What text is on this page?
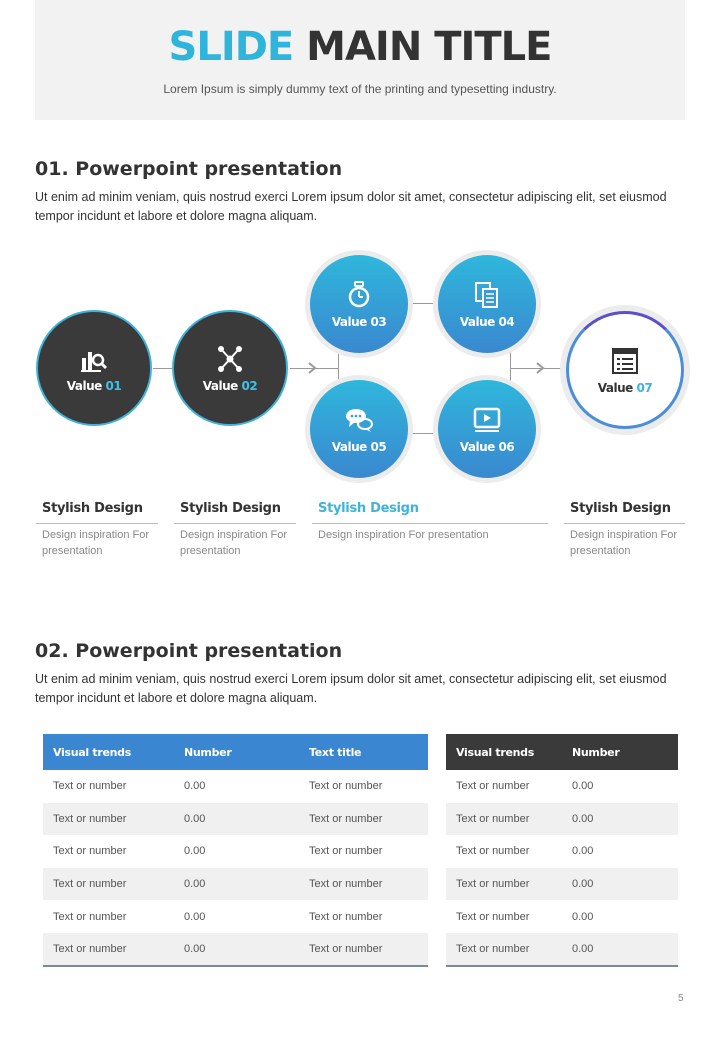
SLIDE MAIN TITLE
Lorem Ipsum is simply dummy text of the printing and typesetting industry.
01. Powerpoint presentation
Ut enim ad minim veniam, quis nostrud exerci Lorem ipsum dolor sit amet, consectetur adipiscing elit, set eiusmod tempor incidunt et labore et dolore magna aliquam.
Value 01	Value 02
Value 03	Value 04
Value 05	Value 06
Value 07
Stylish Design
Design inspiration For presentation
Stylish Design
Design inspiration For presentation
Stylish Design
Design inspiration For presentation
Stylish Design
Design inspiration For presentation
02. Powerpoint presentation
Ut enim ad minim veniam, quis nostrud exerci Lorem ipsum dolor sit amet, consectetur adipiscing elit, set eiusmod tempor incidunt et labore et dolore magna aliquam.
Visual trends	Number	Text title
Text or number	0.00	Text or number
Text or number	0.00	Text or number
Text or number	0.00	Text or number
Text or number	0.00	Text or number
Text or number	0.00	Text or number
Text or number	0.00	Text or number
Visual trends	Number
Text or number	0.00
Text or number	0.00
Text or number	0.00
Text or number	0.00
Text or number	0.00
Text or number	0.00
5
